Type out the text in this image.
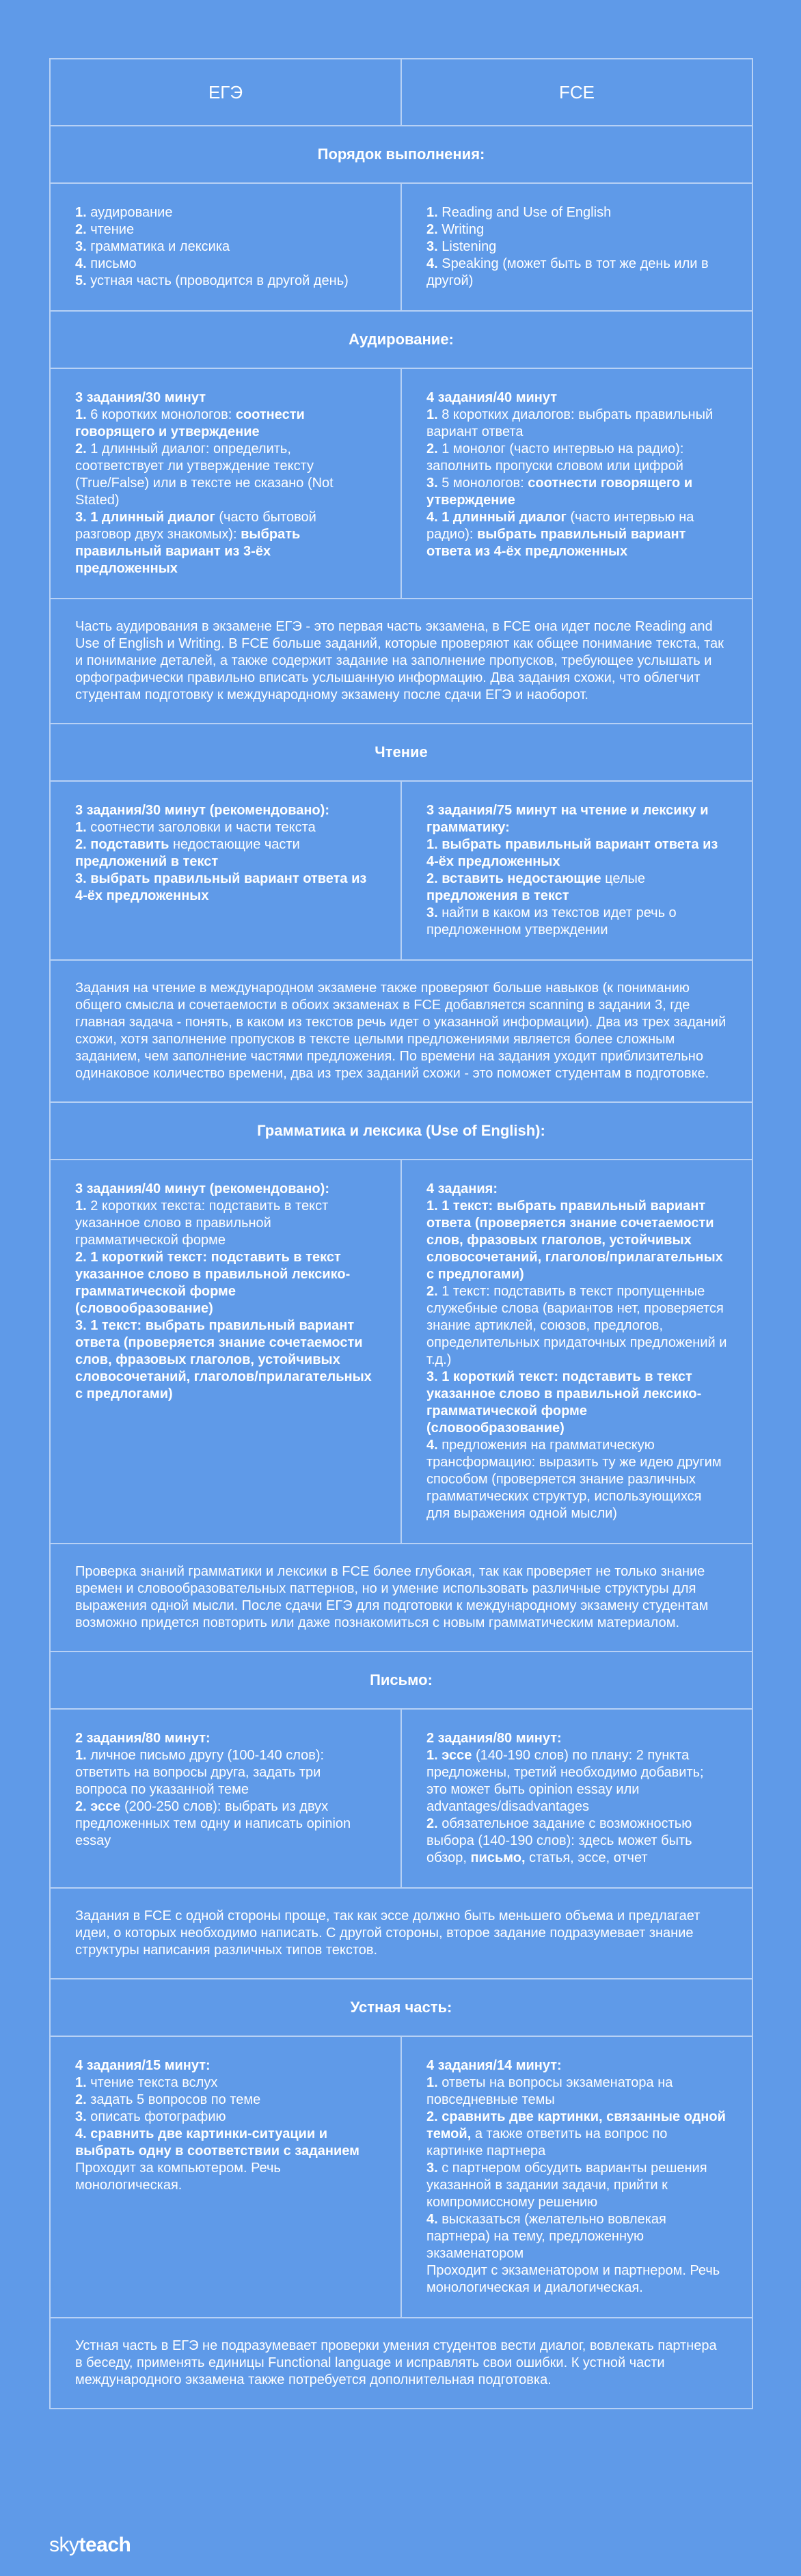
ЕГЭ	FCE
Порядок выполнения:
1. аудирование
2. чтение
3. грамматика и лексика
4. письмо
5. устная часть (проводится в другой день)
1. Reading and Use of English
2. Writing
3. Listening
4. Speaking (может быть в тот же день или в другой)
Аудирование:
3 задания/30 минут
1. 6 коротких монологов: соотнести говорящего и утверждение
2. 1 длинный диалог: определить, соответствует ли утверждение тексту (True/False) или в тексте не сказано (Not Stated)
3. 1 длинный диалог (часто бытовой разговор двух знакомых): выбрать правильный вариант из 3-ёх предложенных
4 задания/40 минут
1. 8 коротких диалогов: выбрать правильный вариант ответа
2. 1 монолог (часто интервью на радио): заполнить пропуски словом или цифрой
3. 5 монологов: соотнести говорящего и утверждение
4. 1 длинный диалог (часто интервью на радио): выбрать правильный вариант ответа из 4-ёх предложенных
Часть аудирования в экзамене ЕГЭ - это первая часть экзамена, в FCE она идет после Reading and Use of English и Writing. В FCE больше заданий, которые проверяют как общее понимание текста, так и понимание деталей, а также содержит задание на заполнение пропусков, требующее услышать и орфографически правильно вписать услышанную информацию. Два задания схожи, что облегчит студентам подготовку к международному экзамену после сдачи ЕГЭ и наоборот.
Чтение
3 задания/30 минут (рекомендовано):
1. соотнести заголовки и части текста
2. подставить недостающие части предложений в текст
3. выбрать правильный вариант ответа из 4-ёх предложенных
3 задания/75 минут на чтение и лексику и грамматику:
1. выбрать правильный вариант ответа из 4-ёх предложенных
2. вставить недостающие целые предложения в текст
3. найти в каком из текстов идет речь о предложенном утверждении
Задания на чтение в международном экзамене также проверяют больше навыков (к пониманию общего смысла и сочетаемости в обоих экзаменах в FCE добавляется scanning в задании 3, где главная задача - понять, в каком из текстов речь идет о указанной информации). Два из трех заданий схожи, хотя заполнение пропусков в тексте целыми предложениями является более сложным заданием, чем заполнение частями предложения. По времени на задания уходит приблизительно одинаковое количество времени, два из трех заданий схожи - это поможет студентам в подготовке.
Грамматика и лексика (Use of English):
3 задания/40 минут (рекомендовано):
1. 2 коротких текста: подставить в текст указанное слово в правильной грамматической форме
2. 1 короткий текст: подставить в текст указанное слово в правильной лексико-грамматической форме (словообразование)
3. 1 текст: выбрать правильный вариант ответа (проверяется знание сочетаемости слов, фразовых глаголов, устойчивых словосочетаний, глаголов/прилагательных с предлогами)
4 задания:
1. 1 текст: выбрать правильный вариант ответа (проверяется знание сочетаемости слов, фразовых глаголов, устойчивых словосочетаний, глаголов/прилагательных с предлогами)
2. 1 текст: подставить в текст пропущенные служебные слова (вариантов нет, проверяется знание артиклей, союзов, предлогов, определительных придаточных предложений и т.д.)
3. 1 короткий текст: подставить в текст указанное слово в правильной лексико-грамматической форме (словообразование)
4. предложения на грамматическую трансформацию: выразить ту же идею другим способом (проверяется знание различных грамматических структур, использующихся для выражения одной мысли)
Проверка знаний грамматики и лексики в FCE более глубокая, так как проверяет не только знание времен и словообразовательных паттернов, но и умение использовать различные структуры для выражения одной мысли. После сдачи ЕГЭ для подготовки к международному экзамену студентам возможно придется повторить или даже познакомиться с новым грамматическим материалом.
Письмо:
2 задания/80 минут:
1. личное письмо другу (100-140 слов): ответить на вопросы друга, задать три вопроса по указанной теме
2. эссе (200-250 слов): выбрать из двух предложенных тем одну и написать opinion essay
2 задания/80 минут:
1. эссе (140-190 слов) по плану: 2 пункта предложены, третий необходимо добавить; это может быть opinion essay или advantages/disadvantages
2. обязательное задание с возможностью выбора (140-190 слов): здесь может быть обзор, письмо, статья, эссе, отчет
Задания в FCE с одной стороны проще, так как эссе должно быть меньшего объема и предлагает идеи, о которых необходимо написать. С другой стороны, второе задание подразумевает знание структуры написания различных типов текстов.
Устная часть:
4 задания/15 минут:
1. чтение текста вслух
2. задать 5 вопросов по теме
3. описать фотографию
4. сравнить две картинки-ситуации и выбрать одну в соответствии с заданием
Проходит за компьютером. Речь монологическая.
4 задания/14 минут:
1. ответы на вопросы экзаменатора на повседневные темы
2. сравнить две картинки, связанные одной темой, а также ответить на вопрос по картинке партнера
3. с партнером обсудить варианты решения указанной в задании задачи, прийти к компромиссному решению
4. высказаться (желательно вовлекая партнера) на тему, предложенную экзаменатором
Проходит с экзаменатором и партнером. Речь монологическая и диалогическая.
Устная часть в ЕГЭ не подразумевает проверки умения студентов вести диалог, вовлекать партнера в беседу, применять единицы Functional language и исправлять свои ошибки. К устной части международного экзамена также потребуется дополнительная подготовка.
skyteach
